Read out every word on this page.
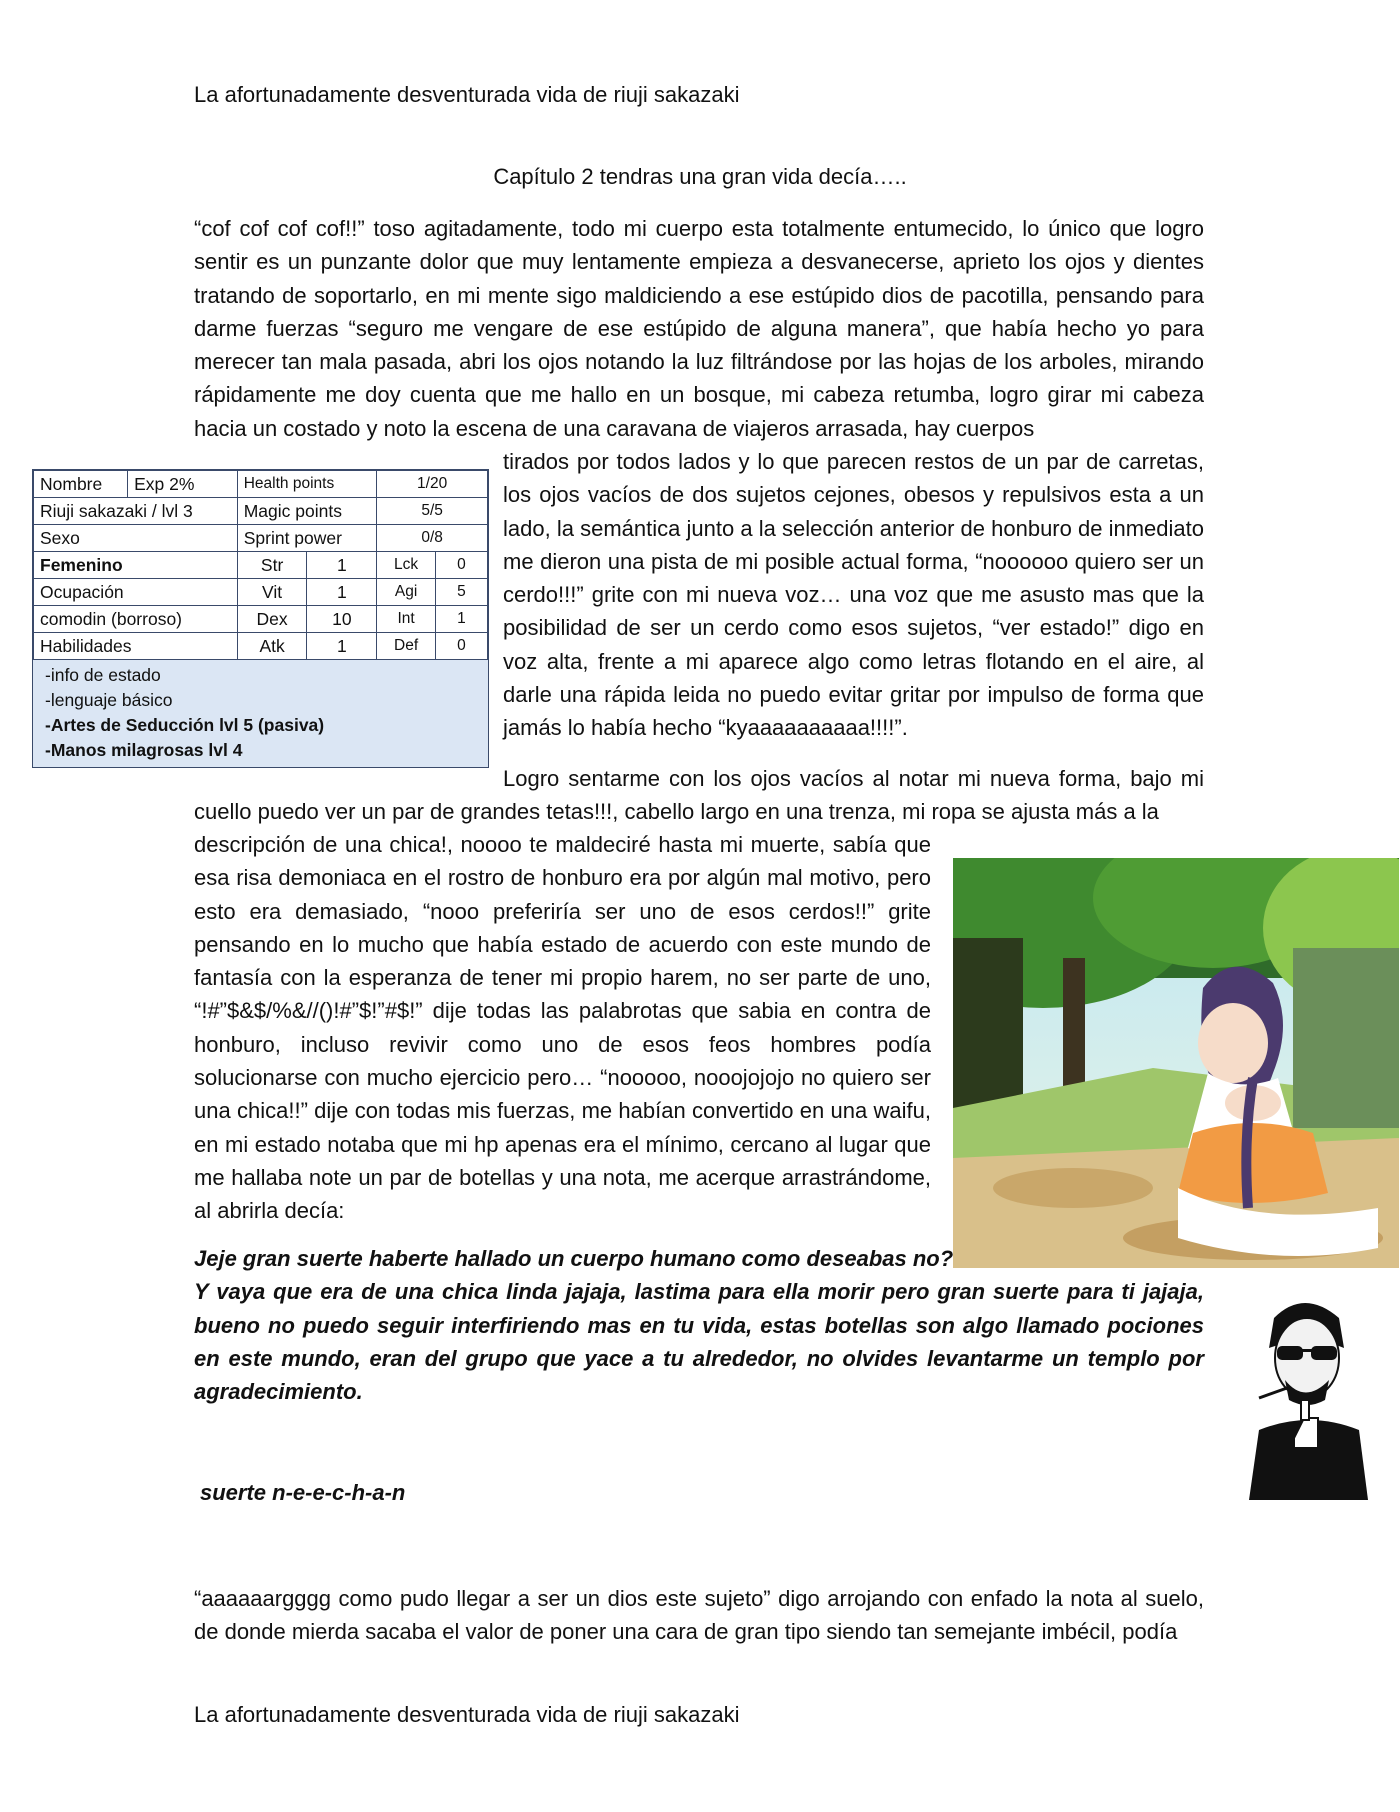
La afortunadamente desventurada vida de riuji sakazaki
Capítulo 2 tendras una gran vida decía…..

“cof cof cof cof!!” toso agitadamente, todo mi cuerpo esta totalmente entumecido, lo único que logro sentir es un punzante dolor que muy lentamente empieza a desvanecerse, aprieto los ojos y dientes tratando de soportarlo, en mi mente sigo maldiciendo a ese estúpido dios de pacotilla, pensando para darme fuerzas “seguro me vengare de ese estúpido de alguna manera”, que había hecho yo para merecer tan mala pasada, abri los ojos notando la luz filtrándose por las hojas de los arboles, mirando rápidamente me doy cuenta que me hallo en un bosque, mi cabeza retumba, logro girar mi cabeza hacia un costado y noto la escena de una caravana de viajeros arrasada, hay cuerpos

Nombre	Exp 2%	Health points		1/20	
Riuji sakazaki / lvl 3		Magic points		5/5	
Sexo		Sprint power		0/8	
Femenino		Str	1	Lck	0
Ocupación		Vit	1	Agi	5
comodin (borroso)		Dex	10	Int	1
Habilidades		Atk	1	Def	0
-info de estado
-lenguaje básico
-Artes de Seducción lvl 5 (pasiva)
-Manos milagrosas lvl 4

tirados por todos lados y lo que parecen restos de un par de carretas, los ojos vacíos de dos sujetos cejones, obesos y repulsivos esta a un lado, la semántica junto a la selección anterior de honburo de inmediato me dieron una pista de mi posible actual forma, “noooooo quiero ser un cerdo!!!” grite con mi nueva voz… una voz que me asusto mas que la posibilidad de ser un cerdo como esos sujetos, “ver estado!” digo en voz alta, frente a mi aparece algo como letras flotando en el aire, al darle una rápida leida no puedo evitar gritar por impulso de forma que jamás lo había hecho “kyaaaaaaaaaa!!!!”.

Logro sentarme con los ojos vacíos al notar mi nueva forma, bajo mi cuello puedo ver un par de grandes tetas!!!, cabello largo en una trenza, mi ropa se ajusta más a la

descripción de una chica!, noooo te maldeciré hasta mi muerte, sabía que esa risa demoniaca en el rostro de honburo era por algún mal motivo, pero esto era demasiado, “nooo preferiría ser uno de esos cerdos!!” grite pensando en lo mucho que había estado de acuerdo con este mundo de fantasía con la esperanza de tener mi propio harem, no ser parte de uno, “!#”$&$/%&//()!#”$!”#$!” dije todas las palabrotas que sabia en contra de honburo, incluso revivir como uno de esos feos hombres podía solucionarse con mucho ejercicio pero… “nooooo, nooojojojo no quiero ser una chica!!” dije con todas mis fuerzas, me habían convertido en una waifu, en mi estado notaba que mi hp apenas era el mínimo, cercano al lugar que me hallaba note un par de botellas y una nota, me acerque arrastrándome, al abrirla decía:

Jeje gran suerte haberte hallado un cuerpo humano como deseabas no?
Y vaya que era de una chica linda jajaja, lastima para ella morir pero gran suerte para ti jajaja, bueno no puedo seguir interfiriendo mas en tu vida, estas botellas son algo llamado pociones en este mundo, eran del grupo que yace a tu alrededor, no olvides levantarme un templo por agradecimiento.
suerte n-e-e-c-h-a-n

“aaaaaargggg como pudo llegar a ser un dios este sujeto” digo arrojando con enfado la nota al suelo, de donde mierda sacaba el valor de poner una cara de gran tipo siendo tan semejante imbécil, podía

La afortunadamente desventurada vida de riuji sakazaki
